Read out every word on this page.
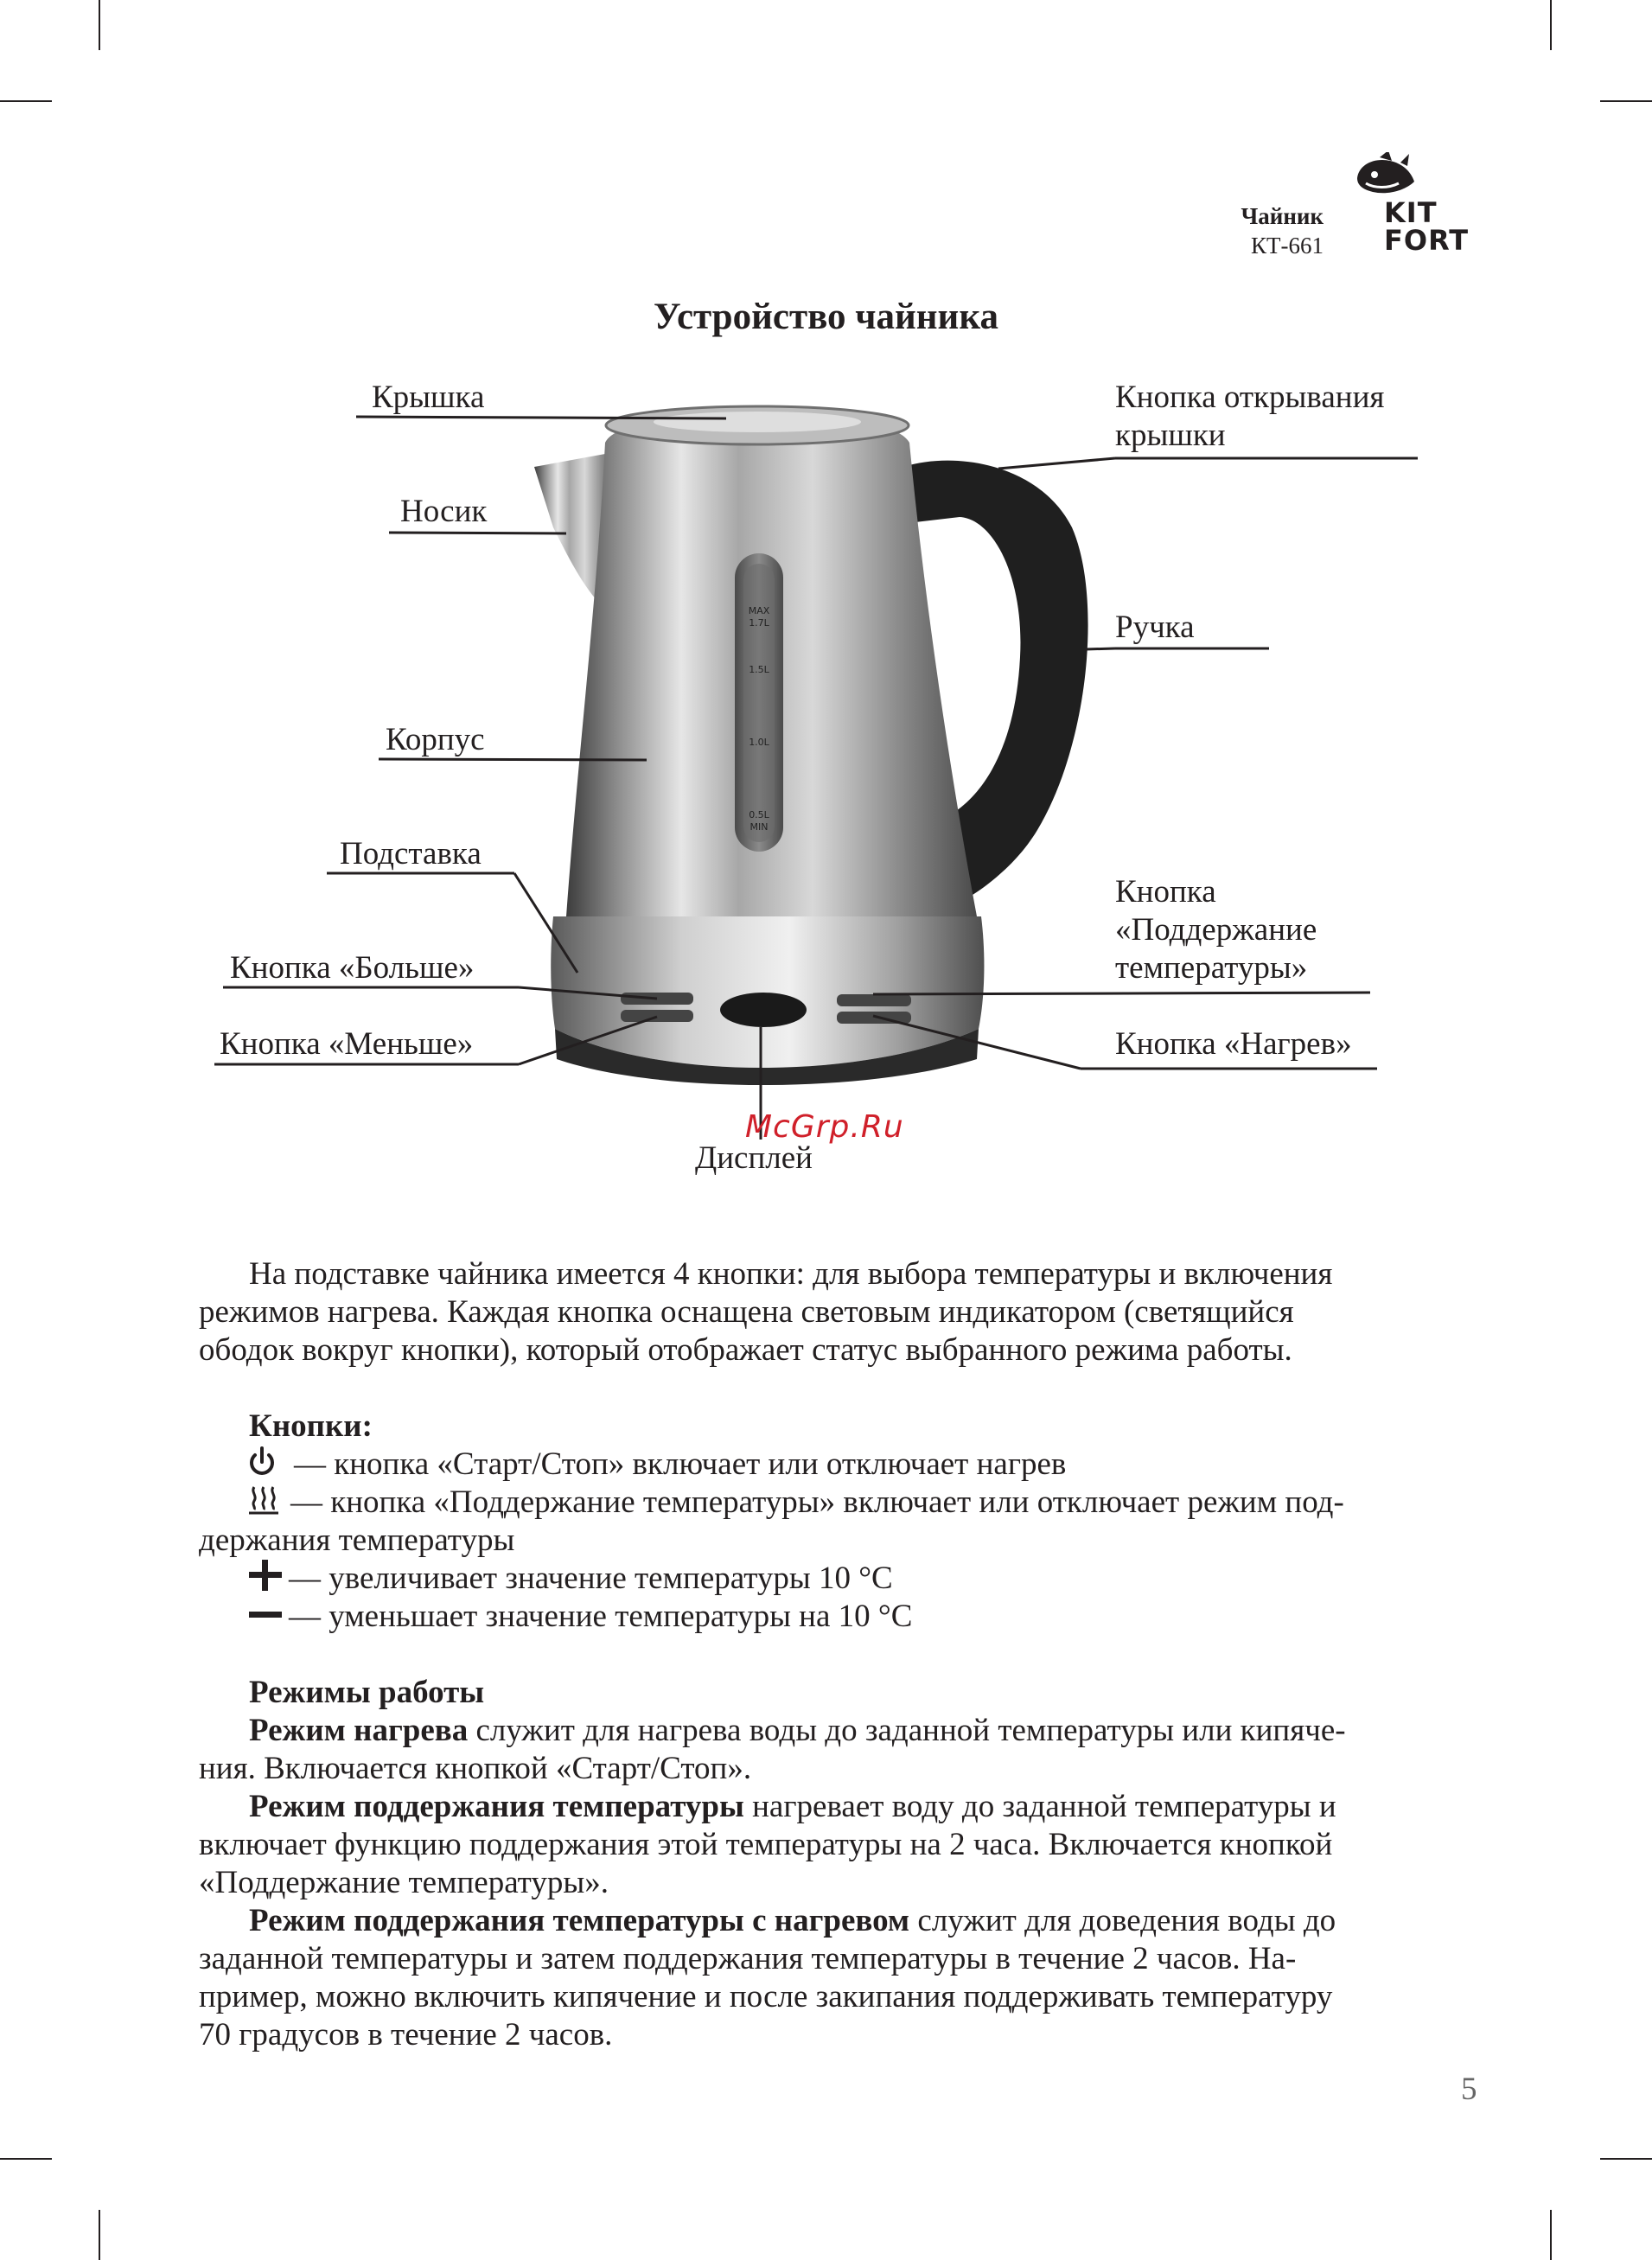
Чайник
КТ-661
KIT
FORT
Устройство чайника
MAX
1.7L
1.5L
1.0L
0.5L
MIN
Крышка
Носик
Корпус
Подставка
Кнопка «Больше»
Кнопка «Меньше»
Кнопка открывания
крышки
Ручка
Кнопка
«Поддержание
температуры»
Кнопка «Нагрев»
Дисплей
McGrp.Ru
На подставке чайника имеется 4 кнопки: для выбора температуры и включения
режимов нагрева. Каждая кнопка оснащена световым индикатором (светящийся
ободок вокруг кнопки), который отображает статус выбранного режима работы.
Кнопки:
— кнопка «Старт/Стоп» включает или отключает нагрев
— кнопка «Поддержание температуры» включает или отключает режим под-
держания температуры
— увеличивает значение температуры 10 °С
— уменьшает значение температуры на 10 °С
Режимы работы
Режим нагрева служит для нагрева воды до заданной температуры или кипяче-
ния. Включается кнопкой «Старт/Стоп».
Режим поддержания температуры нагревает воду до заданной температуры и
включает функцию поддержания этой температуры на 2 часа. Включается кнопкой
«Поддержание температуры».
Режим поддержания температуры с нагревом служит для доведения воды до
заданной температуры и затем поддержания температуры в течение 2 часов. На-
пример, можно включить кипячение и после закипания поддерживать температуру
70 градусов в течение 2 часов.
5
